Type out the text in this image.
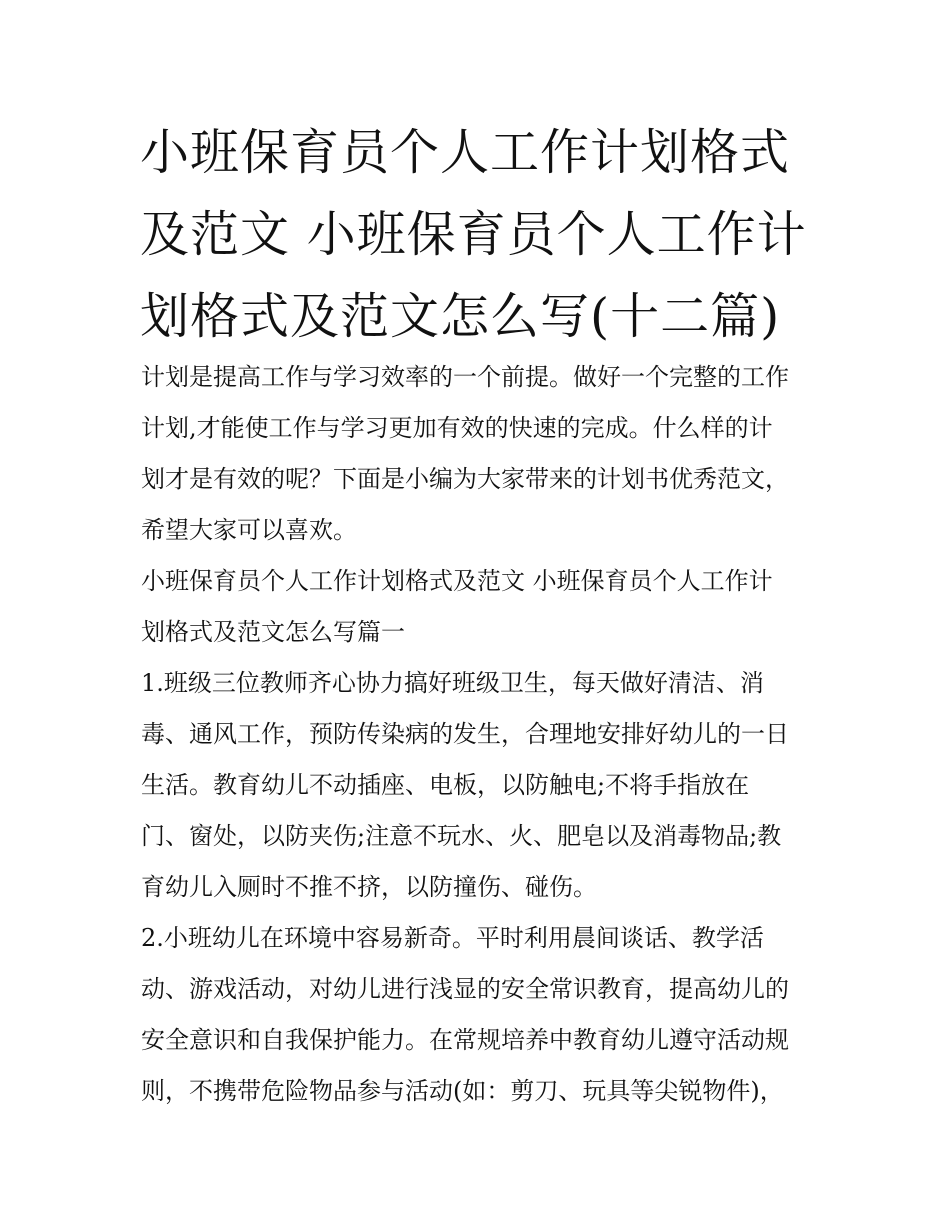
小班保育员个人工作计划格式
及范文 小班保育员个人工作计
划格式及范文怎么写(十二篇)

计划是提高工作与学习效率的一个前提。做好一个完整的工作
计划,才能使工作与学习更加有效的快速的完成。什么样的计
划才是有效的呢？下面是小编为大家带来的计划书优秀范文，
希望大家可以喜欢。

小班保育员个人工作计划格式及范文 小班保育员个人工作计
划格式及范文怎么写篇一

1.班级三位教师齐心协力搞好班级卫生，每天做好清洁、消
毒、通风工作，预防传染病的发生，合理地安排好幼儿的一日
生活。教育幼儿不动插座、电板，以防触电;不将手指放在
门、窗处，以防夹伤;注意不玩水、火、肥皂以及消毒物品;教
育幼儿入厕时不推不挤，以防撞伤、碰伤。

2.小班幼儿在环境中容易新奇。平时利用晨间谈话、教学活
动、游戏活动，对幼儿进行浅显的安全常识教育，提高幼儿的
安全意识和自我保护能力。在常规培养中教育幼儿遵守活动规
则，不携带危险物品参与活动(如：剪刀、玩具等尖锐物件)，
